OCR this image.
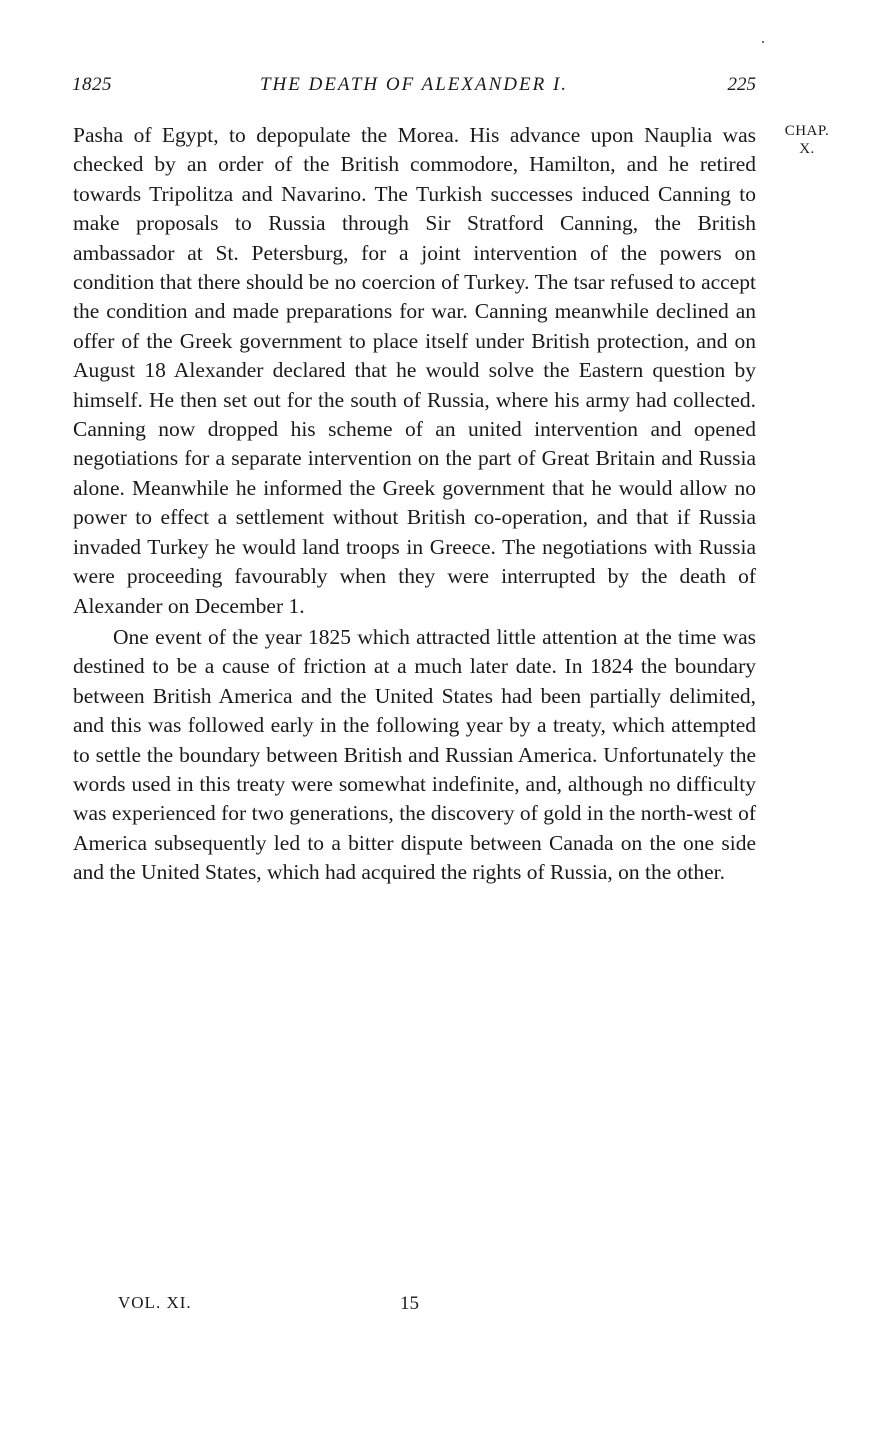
1825	THE DEATH OF ALEXANDER I.	225
CHAP.
X.

Pasha of Egypt, to depopulate the Morea. His advance upon Nauplia was checked by an order of the British commodore, Hamilton, and he retired towards Tripolitza and Navarino. The Turkish successes induced Canning to make proposals to Russia through Sir Stratford Canning, the British ambassador at St. Petersburg, for a joint intervention of the powers on condition that there should be no coercion of Turkey. The tsar refused to accept the condition and made preparations for war. Canning meanwhile declined an offer of the Greek government to place itself under British protection, and on August 18 Alexander declared that he would solve the Eastern question by himself. He then set out for the south of Russia, where his army had collected. Canning now dropped his scheme of an united intervention and opened negotiations for a separate intervention on the part of Great Britain and Russia alone. Meanwhile he informed the Greek government that he would allow no power to effect a settlement without British co-operation, and that if Russia invaded Turkey he would land troops in Greece. The negotiations with Russia were proceeding favourably when they were interrupted by the death of Alexander on December 1.

One event of the year 1825 which attracted little attention at the time was destined to be a cause of friction at a much later date. In 1824 the boundary between British America and the United States had been partially delimited, and this was followed early in the following year by a treaty, which attempted to settle the boundary between British and Russian America. Unfortunately the words used in this treaty were somewhat indefinite, and, although no difficulty was experienced for two generations, the discovery of gold in the north-west of America subsequently led to a bitter dispute between Canada on the one side and the United States, which had acquired the rights of Russia, on the other.

VOL. XI.	15
